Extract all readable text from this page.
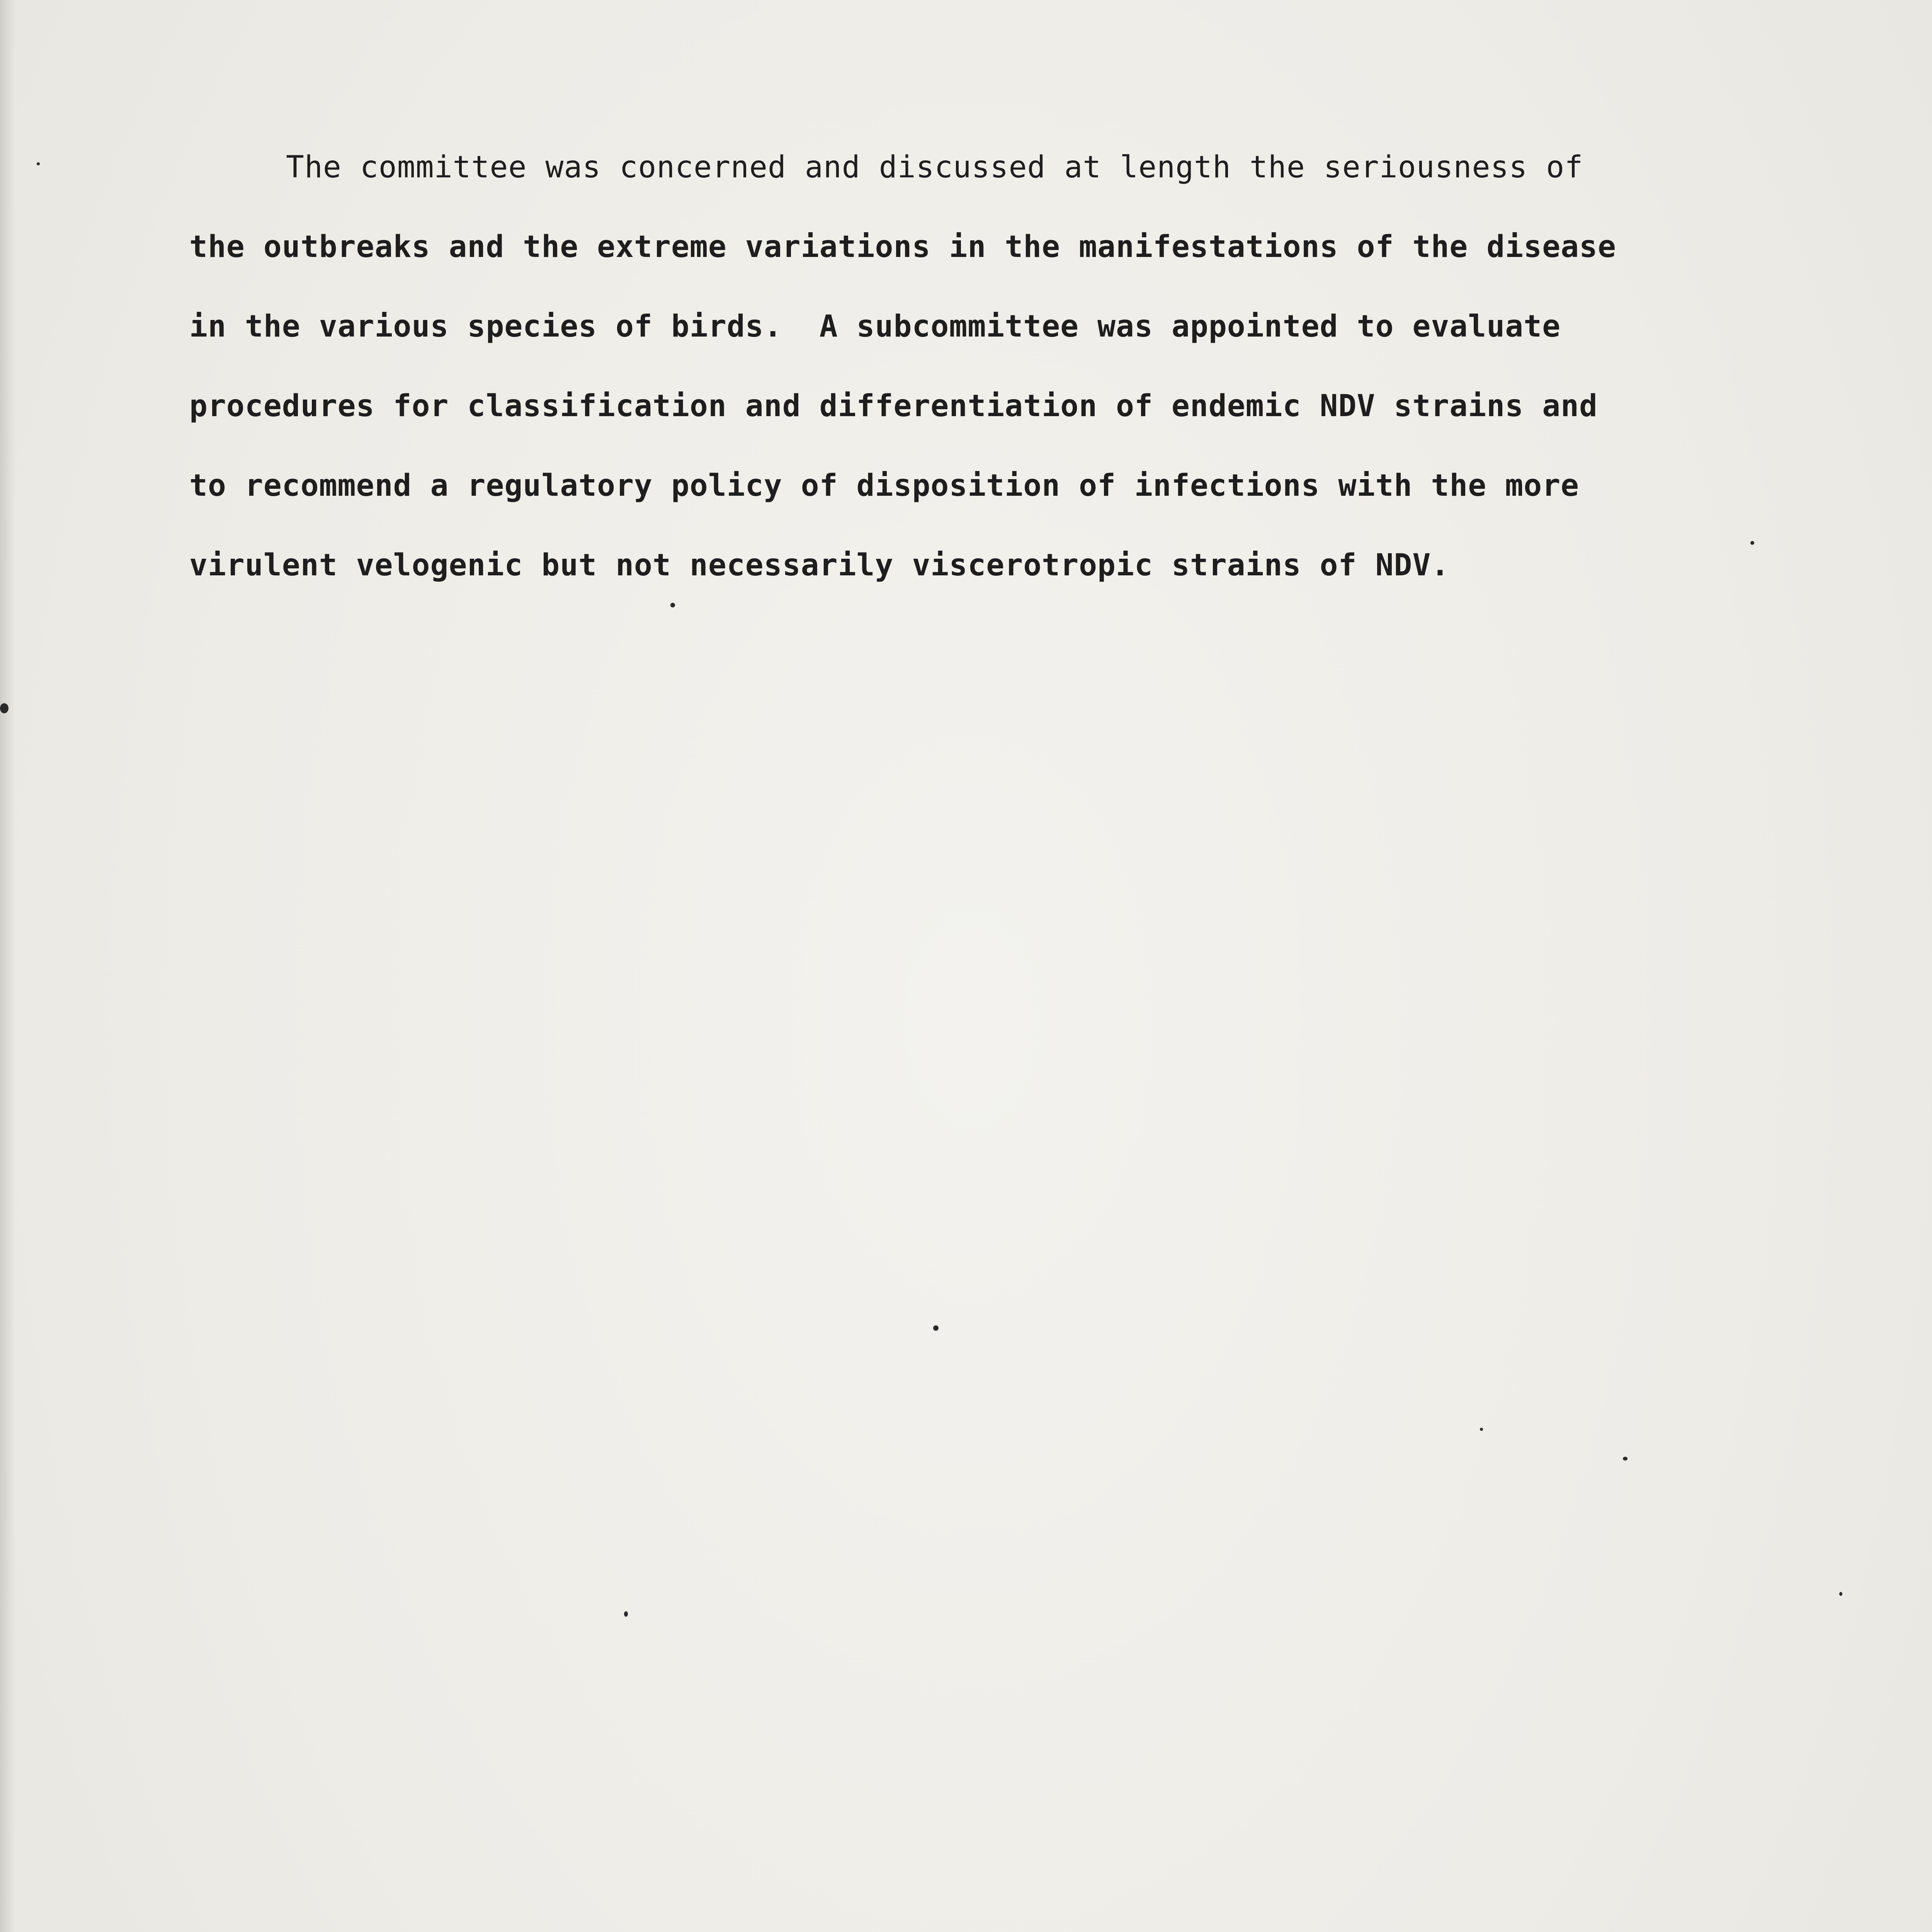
The committee was concerned and discussed at length the seriousness of
the outbreaks and the extreme variations in the manifestations of the disease
in the various species of birds.  A subcommittee was appointed to evaluate
procedures for classification and differentiation of endemic NDV strains and
to recommend a regulatory policy of disposition of infections with the more
virulent velogenic but not necessarily viscerotropic strains of NDV.
